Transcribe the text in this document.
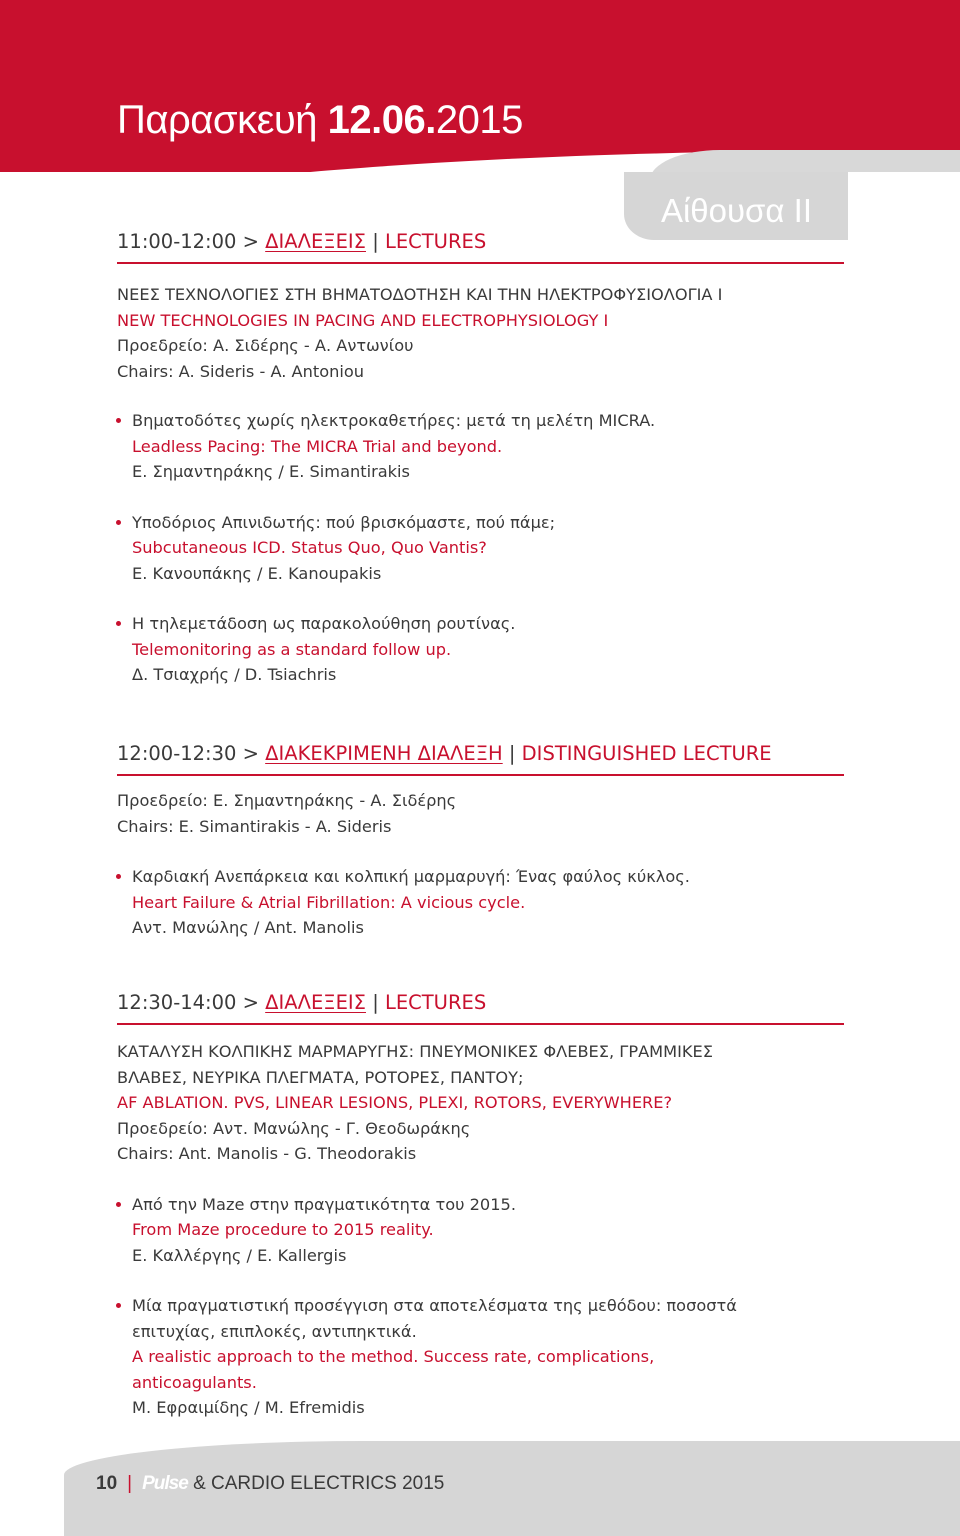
Παρασκευή 12.06.2015

Αίθουσα ΙΙ

11:00-12:00 > ΔΙΑΛΕΞΕΙΣ | LECTURES
ΝΕΕΣ ΤΕΧΝΟΛΟΓΙΕΣ ΣΤΗ ΒΗΜΑΤΟΔΟΤΗΣΗ ΚΑΙ ΤΗΝ ΗΛΕΚΤΡΟΦΥΣΙΟΛΟΓΙΑ Ι
NEW TECHNOLOGIES IN PACING AND ELECTROPHYSIOLOGY I
Προεδρείο: Α. Σιδέρης - Α. Αντωνίου
Chairs: A. Sideris - A. Antoniou
Βηματοδότες χωρίς ηλεκτροκαθετήρες: μετά τη μελέτη MICRA.
Leadless Pacing: The MICRA Trial and beyond.
Ε. Σημαντηράκης / E. Simantirakis
Υποδόριος Απινιδωτής: πού βρισκόμαστε, πού πάμε;
Subcutaneous ICD. Status Quo, Quo Vantis?
Ε. Κανουπάκης / E. Kanoupakis
Η τηλεμετάδοση ως παρακολούθηση ρουτίνας.
Telemonitoring as a standard follow up.
Δ. Τσιαχρής / D. Tsiachris
12:00-12:30 > ΔΙΑΚΕΚΡΙΜΕΝΗ ΔΙΑΛΕΞΗ | DISTINGUISHED LECTURE
Προεδρείο: Ε. Σημαντηράκης - Α. Σιδέρης
Chairs: E. Simantirakis - A. Sideris
Καρδιακή Ανεπάρκεια και κολπική μαρμαρυγή: Ένας φαύλος κύκλος.
Heart Failure & Atrial Fibrillation: A vicious cycle.
Αντ. Μανώλης / Ant. Manolis
12:30-14:00 > ΔΙΑΛΕΞΕΙΣ | LECTURES
ΚΑΤΑΛΥΣΗ ΚΟΛΠΙΚΗΣ ΜΑΡΜΑΡΥΓΗΣ: ΠΝΕΥΜΟΝΙΚΕΣ ΦΛΕΒΕΣ, ΓΡΑΜΜΙΚΕΣ
ΒΛΑΒΕΣ, ΝΕΥΡΙΚΑ ΠΛΕΓΜΑΤΑ, ΡΟΤΟΡΕΣ, ΠΑΝΤΟΥ;
AF ABLATION. PVS, LINEAR LESIONS, PLEXI, ROTORS, EVERYWHERE?
Προεδρείο: Αντ. Μανώλης - Γ. Θεοδωράκης
Chairs: Ant. Manolis - G. Theodorakis
Από την Maze στην πραγματικότητα του 2015.
From Maze procedure to 2015 reality.
Ε. Καλλέργης / E. Kallergis
Μία πραγματιστική προσέγγιση στα αποτελέσματα της μεθόδου: ποσοστά
επιτυχίας, επιπλοκές, αντιπηκτικά.
A realistic approach to the method. Success rate, complications,
anticoagulants.
Μ. Εφραιμίδης / M. Efremidis
10 | Pulse & CARDIO ELECTRICS 2015
